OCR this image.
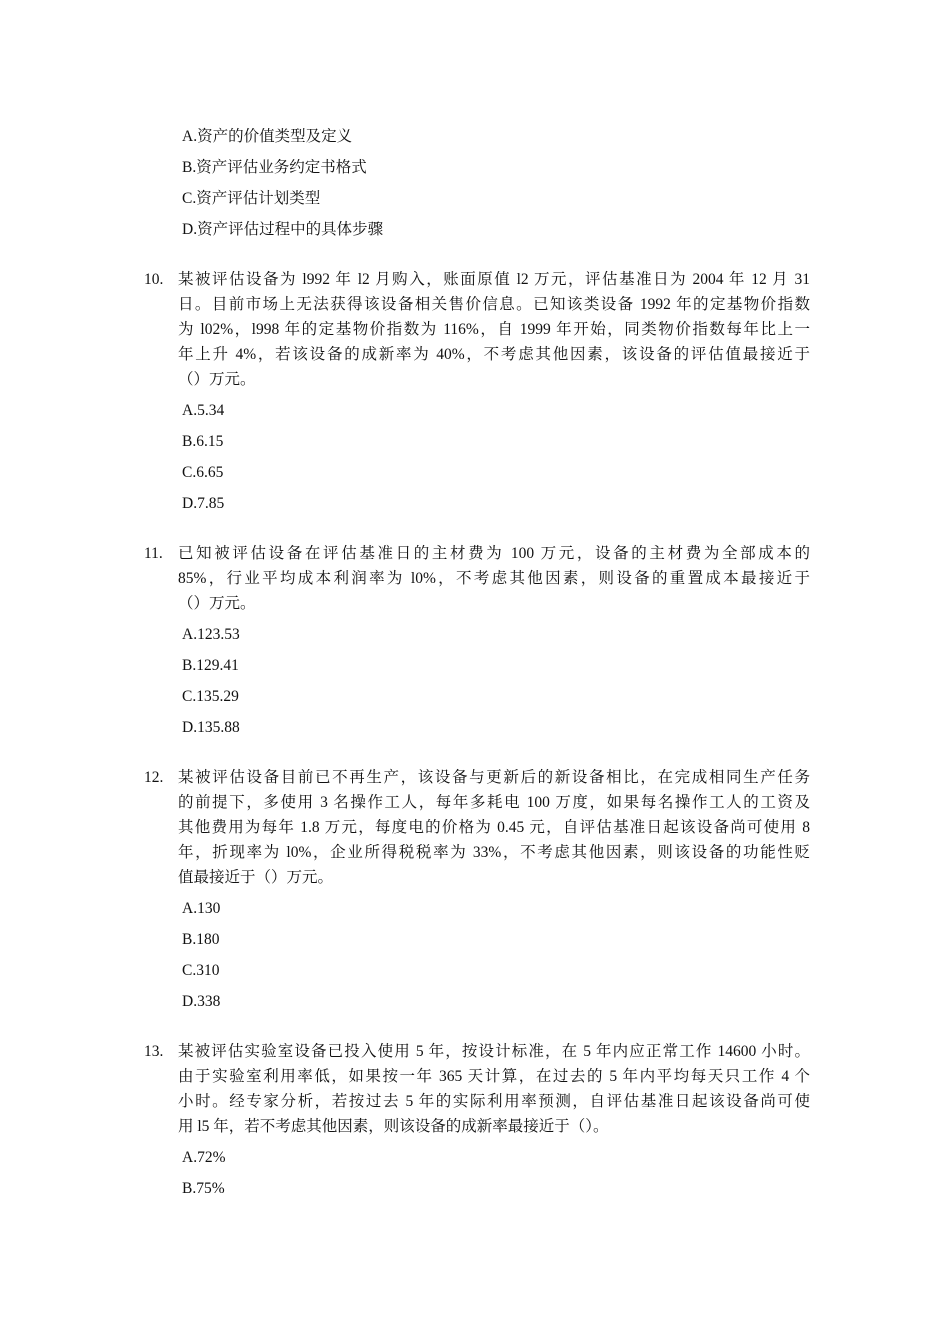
A.资产的价值类型及定义
B.资产评估业务约定书格式
C.资产评估计划类型
D.资产评估过程中的具体步骤
10. 某被评估设备为 l992 年 l2 月购入，账面原值 l2 万元，评估基准日为 2004 年 12 月 31
日。目前市场上无法获得该设备相关售价信息。已知该类设备 1992 年的定基物价指数
为 l02%，l998 年的定基物价指数为 116%，自 1999 年开始，同类物价指数每年比上一
年上升 4%，若该设备的成新率为 40%，不考虑其他因素，该设备的评估值最接近于
（）万元。
A.5.34
B.6.15
C.6.65
D.7.85
11. 已知被评估设备在评估基准日的主材费为 100 万元，设备的主材费为全部成本的
85%，行业平均成本利润率为 l0%，不考虑其他因素，则设备的重置成本最接近于
（）万元。
A.123.53
B.129.41
C.135.29
D.135.88
12. 某被评估设备目前已不再生产，该设备与更新后的新设备相比，在完成相同生产任务
的前提下，多使用 3 名操作工人，每年多耗电 100 万度，如果每名操作工人的工资及
其他费用为每年 1.8 万元，每度电的价格为 0.45 元，自评估基准日起该设备尚可使用 8
年，折现率为 l0%，企业所得税税率为 33%，不考虑其他因素，则该设备的功能性贬
值最接近于（）万元。
A.130
B.180
C.310
D.338
13. 某被评估实验室设备已投入使用 5 年，按设计标准，在 5 年内应正常工作 14600 小时。
由于实验室利用率低，如果按一年 365 天计算，在过去的 5 年内平均每天只工作 4 个
小时。经专家分析，若按过去 5 年的实际利用率预测，自评估基准日起该设备尚可使
用 l5 年，若不考虑其他因素，则该设备的成新率最接近于（）。
A.72%
B.75%
